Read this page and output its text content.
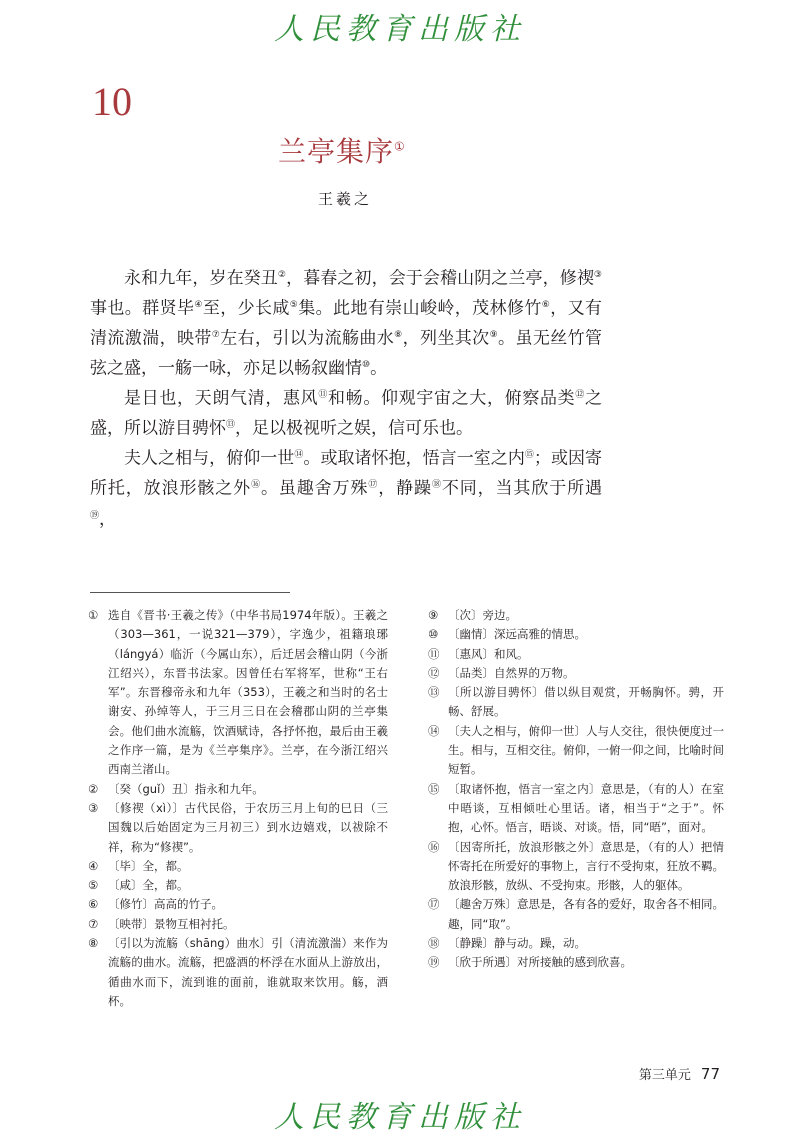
人民教育出版社
10
兰亭集序①
王羲之

永和九年，岁在癸丑②，暮春之初，会于会稽山阴之兰亭，修禊③事也。群贤毕④至，少长咸⑤集。此地有崇山峻岭，茂林修竹⑥，又有清流激湍，映带⑦左右，引以为流觞曲水⑧，列坐其次⑨。虽无丝竹管弦之盛，一觞一咏，亦足以畅叙幽情⑩。

是日也，天朗气清，惠风⑪和畅。仰观宇宙之大，俯察品类⑫之盛，所以游目骋怀⑬，足以极视听之娱，信可乐也。

夫人之相与，俯仰一世⑭。或取诸怀抱，悟言一室之内⑮；或因寄所托，放浪形骸之外⑯。虽趣舍万殊⑰，静躁⑱不同，当其欣于所遇⑲，

① 选自《晋书·王羲之传》（中华书局1974年版）。王羲之（303—361，一说321—379），字逸少，祖籍琅琊（lángyá）临沂（今属山东），后迁居会稽山阴（今浙江绍兴），东晋书法家。因曾任右军将军，世称“王右军”。东晋穆帝永和九年（353），王羲之和当时的名士谢安、孙绰等人，于三月三日在会稽郡山阴的兰亭集会。他们曲水流觞，饮酒赋诗，各抒怀抱，最后由王羲之作序一篇，是为《兰亭集序》。兰亭，在今浙江绍兴西南兰渚山。
② 〔癸（guǐ）丑〕指永和九年。
③ 〔修禊（xì）〕古代民俗，于农历三月上旬的巳日（三国魏以后始固定为三月初三）到水边嬉戏，以祓除不祥，称为“修禊”。
④ 〔毕〕全，都。
⑤ 〔咸〕全，都。
⑥ 〔修竹〕高高的竹子。
⑦ 〔映带〕景物互相衬托。
⑧ 〔引以为流觞（shāng）曲水〕引（清流激湍）来作为流觞的曲水。流觞，把盛酒的杯浮在水面从上游放出，循曲水而下，流到谁的面前，谁就取来饮用。觞，酒杯。
⑨ 〔次〕旁边。
⑩ 〔幽情〕深远高雅的情思。
⑪ 〔惠风〕和风。
⑫ 〔品类〕自然界的万物。
⑬ 〔所以游目骋怀〕借以纵目观赏，开畅胸怀。骋，开畅、舒展。
⑭ 〔夫人之相与，俯仰一世〕人与人交往，很快便度过一生。相与，互相交往。俯仰，一俯一仰之间，比喻时间短暂。
⑮ 〔取诸怀抱，悟言一室之内〕意思是，（有的人）在室中晤谈，互相倾吐心里话。诸，相当于“之于”。怀抱，心怀。悟言，晤谈、对谈。悟，同“晤”，面对。
⑯ 〔因寄所托，放浪形骸之外〕意思是，（有的人）把情怀寄托在所爱好的事物上，言行不受拘束，狂放不羁。放浪形骸，放纵、不受拘束。形骸，人的躯体。
⑰ 〔趣舍万殊〕意思是，各有各的爱好，取舍各不相同。趣，同“取”。
⑱ 〔静躁〕静与动。躁，动。
⑲ 〔欣于所遇〕对所接触的感到欣喜。
第三单元 77
人民教育出版社
